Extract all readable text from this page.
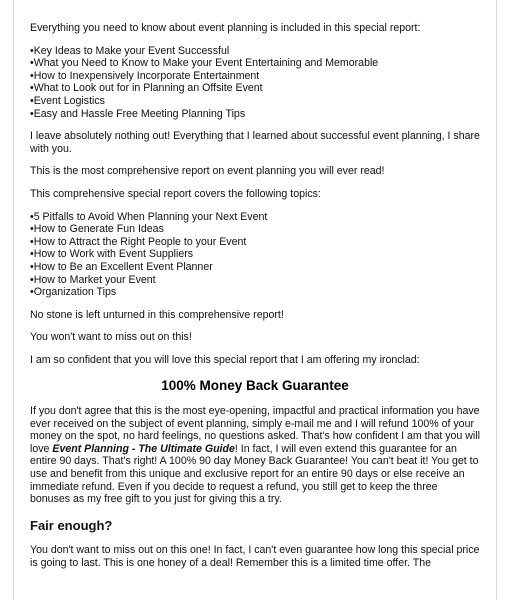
Everything you need to know about event planning is included in this special report:

• Key Ideas to Make your Event Successful
• What you Need to Know to Make your Event Entertaining and Memorable
• How to Inexpensively Incorporate Entertainment
• What to Look out for in Planning an Offsite Event
• Event Logistics
• Easy and Hassle Free Meeting Planning Tips

I leave absolutely nothing out! Everything that I learned about successful event planning, I share with you.

This is the most comprehensive report on event planning you will ever read!

This comprehensive special report covers the following topics:

• 5 Pitfalls to Avoid When Planning your Next Event
• How to Generate Fun Ideas
• How to Attract the Right People to your Event
• How to Work with Event Suppliers
• How to Be an Excellent Event Planner
• How to Market your Event
• Organization Tips

No stone is left unturned in this comprehensive report!

You won't want to miss out on this!

I am so confident that you will love this special report that I am offering my ironclad:

100% Money Back Guarantee

If you don't agree that this is the most eye-opening, impactful and practical information you have ever received on the subject of event planning, simply e-mail me and I will refund 100% of your money on the spot, no hard feelings, no questions asked. That's how confident I am that you will love Event Planning - The Ultimate Guide! In fact, I will even extend this guarantee for an entire 90 days. That's right! A 100% 90 day Money Back Guarantee! You can't beat it! You get to use and benefit from this unique and exclusive report for an entire 90 days or else receive an immediate refund. Even if you decide to request a refund, you still get to keep the three bonuses as my free gift to you just for giving this a try.

Fair enough?

You don't want to miss out on this one! In fact, I can't even guarantee how long this special price is going to last. This is one honey of a deal! Remember this is a limited time offer. The
